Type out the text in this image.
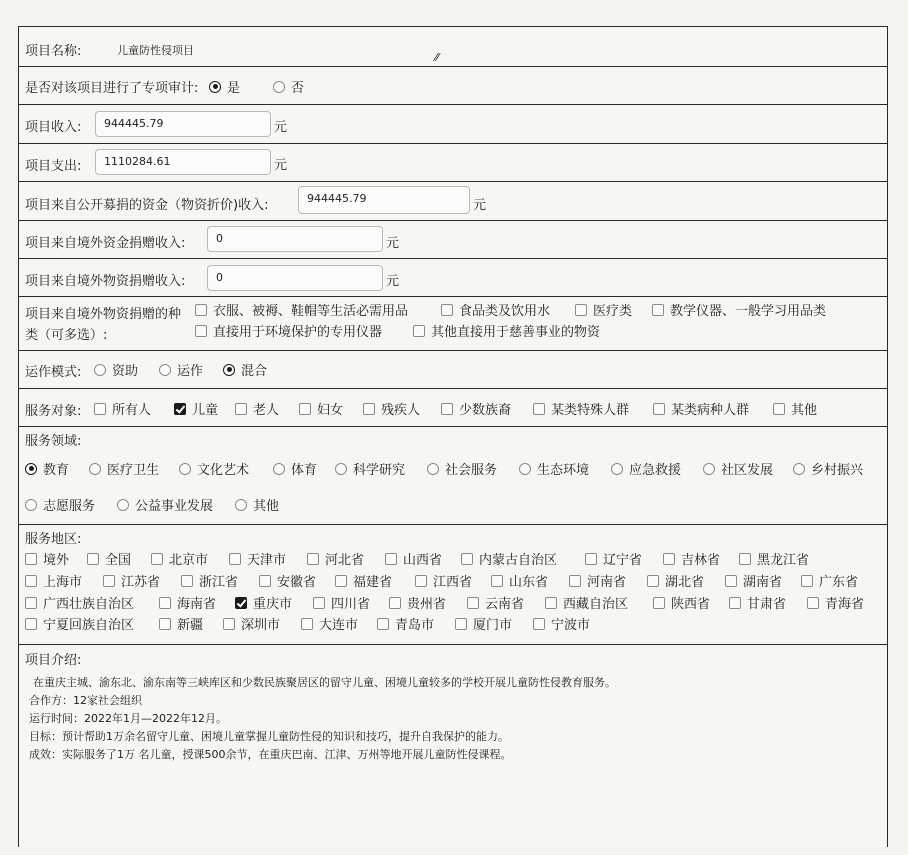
项目名称:	儿童防性侵项目
⁄⁄
是否对该项目进行了专项审计: 是	否
项目收入:	944445.79	元
项目支出:	1110284.61	元
项目来自公开募捐的资金（物资折价)收入:	944445.79	元
项目来自境外资金捐赠收入:	0	元
项目来自境外物资捐赠收入:	0	元
项目来自境外物资捐赠的种
类（可多选）:
衣服、被褥、鞋帽等生活必需用品	食品类及饮用水	医疗类	教学仪器、一般学习用品类
直接用于环境保护的专用仪器	其他直接用于慈善事业的物资
运作模式: 资助	运作	混合
服务对象: 所有人	儿童	老人	妇女	残疾人	少数族裔	某类特殊人群	某类病种人群	其他
服务领域:
教育	医疗卫生	文化艺术	体育	科学研究	社会服务	生态环境	应急救援	社区发展	乡村振兴
志愿服务	公益事业发展	其他
服务地区:
境外	全国	北京市	天津市	河北省	山西省	内蒙古自治区	辽宁省	吉林省	黑龙江省
上海市	江苏省	浙江省	安徽省	福建省	江西省	山东省	河南省	湖北省	湖南省	广东省
广西壮族自治区	海南省	重庆市	四川省	贵州省	云南省	西藏自治区	陕西省	甘肃省	青海省
宁夏回族自治区	新疆	深圳市	大连市	青岛市	厦门市	宁波市
项目介绍:
在重庆主城、渝东北、渝东南等三峡库区和少数民族聚居区的留守儿童、困境儿童较多的学校开展儿童防性侵教育服务。
合作方：12家社会组织
运行时间：2022年1月—2022年12月。
目标：预计帮助1万余名留守儿童、困境儿童掌握儿童防性侵的知识和技巧，提升自我保护的能力。
成效：实际服务了1万 名儿童，授课500余节，在重庆巴南、江津、万州等地开展儿童防性侵课程。
